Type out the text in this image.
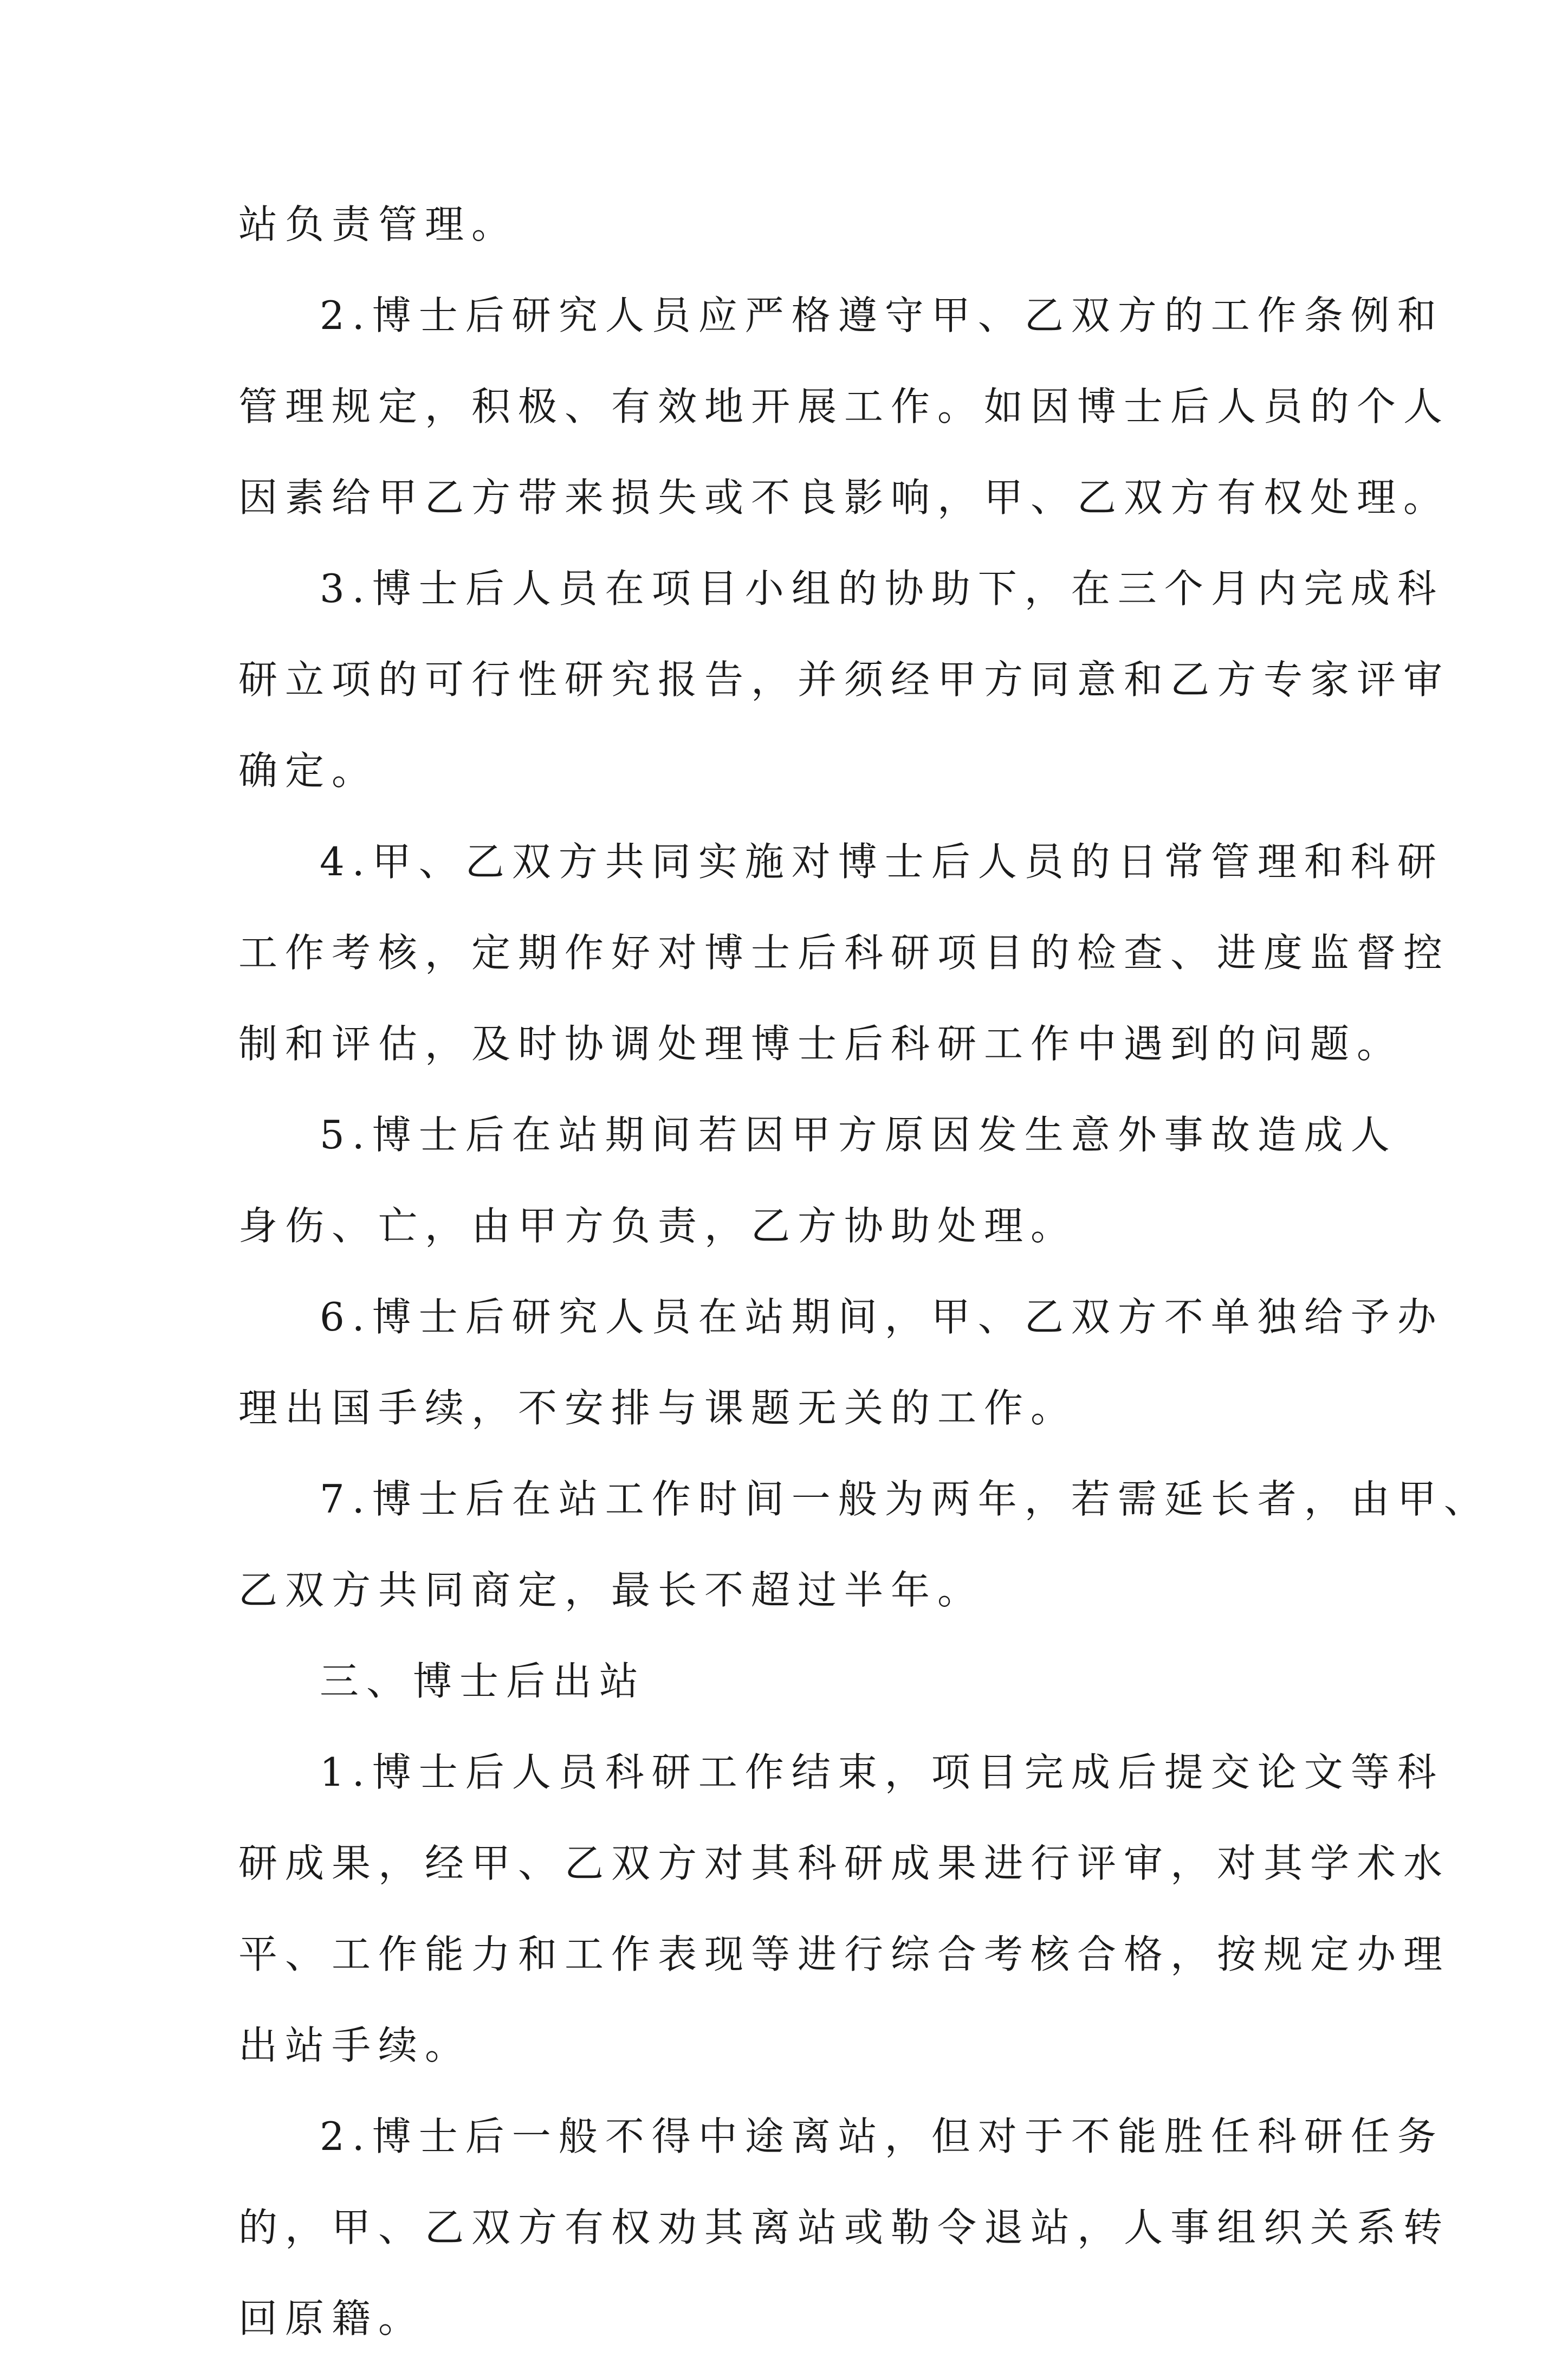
站负责管理。
2.博士后研究人员应严格遵守甲、乙双方的工作条例和
管理规定，积极、有效地开展工作。如因博士后人员的个人
因素给甲乙方带来损失或不良影响，甲、乙双方有权处理。
3.博士后人员在项目小组的协助下，在三个月内完成科
研立项的可行性研究报告，并须经甲方同意和乙方专家评审
确定。
4.甲、乙双方共同实施对博士后人员的日常管理和科研
工作考核，定期作好对博士后科研项目的检查、进度监督控
制和评估，及时协调处理博士后科研工作中遇到的问题。
5.博士后在站期间若因甲方原因发生意外事故造成人
身伤、亡，由甲方负责，乙方协助处理。
6.博士后研究人员在站期间，甲、乙双方不单独给予办
理出国手续，不安排与课题无关的工作。
7.博士后在站工作时间一般为两年，若需延长者，由甲、
乙双方共同商定，最长不超过半年。
三、博士后出站
1.博士后人员科研工作结束，项目完成后提交论文等科
研成果，经甲、乙双方对其科研成果进行评审，对其学术水
平、工作能力和工作表现等进行综合考核合格，按规定办理
出站手续。
2.博士后一般不得中途离站，但对于不能胜任科研任务
的，甲、乙双方有权劝其离站或勒令退站，人事组织关系转
回原籍。
